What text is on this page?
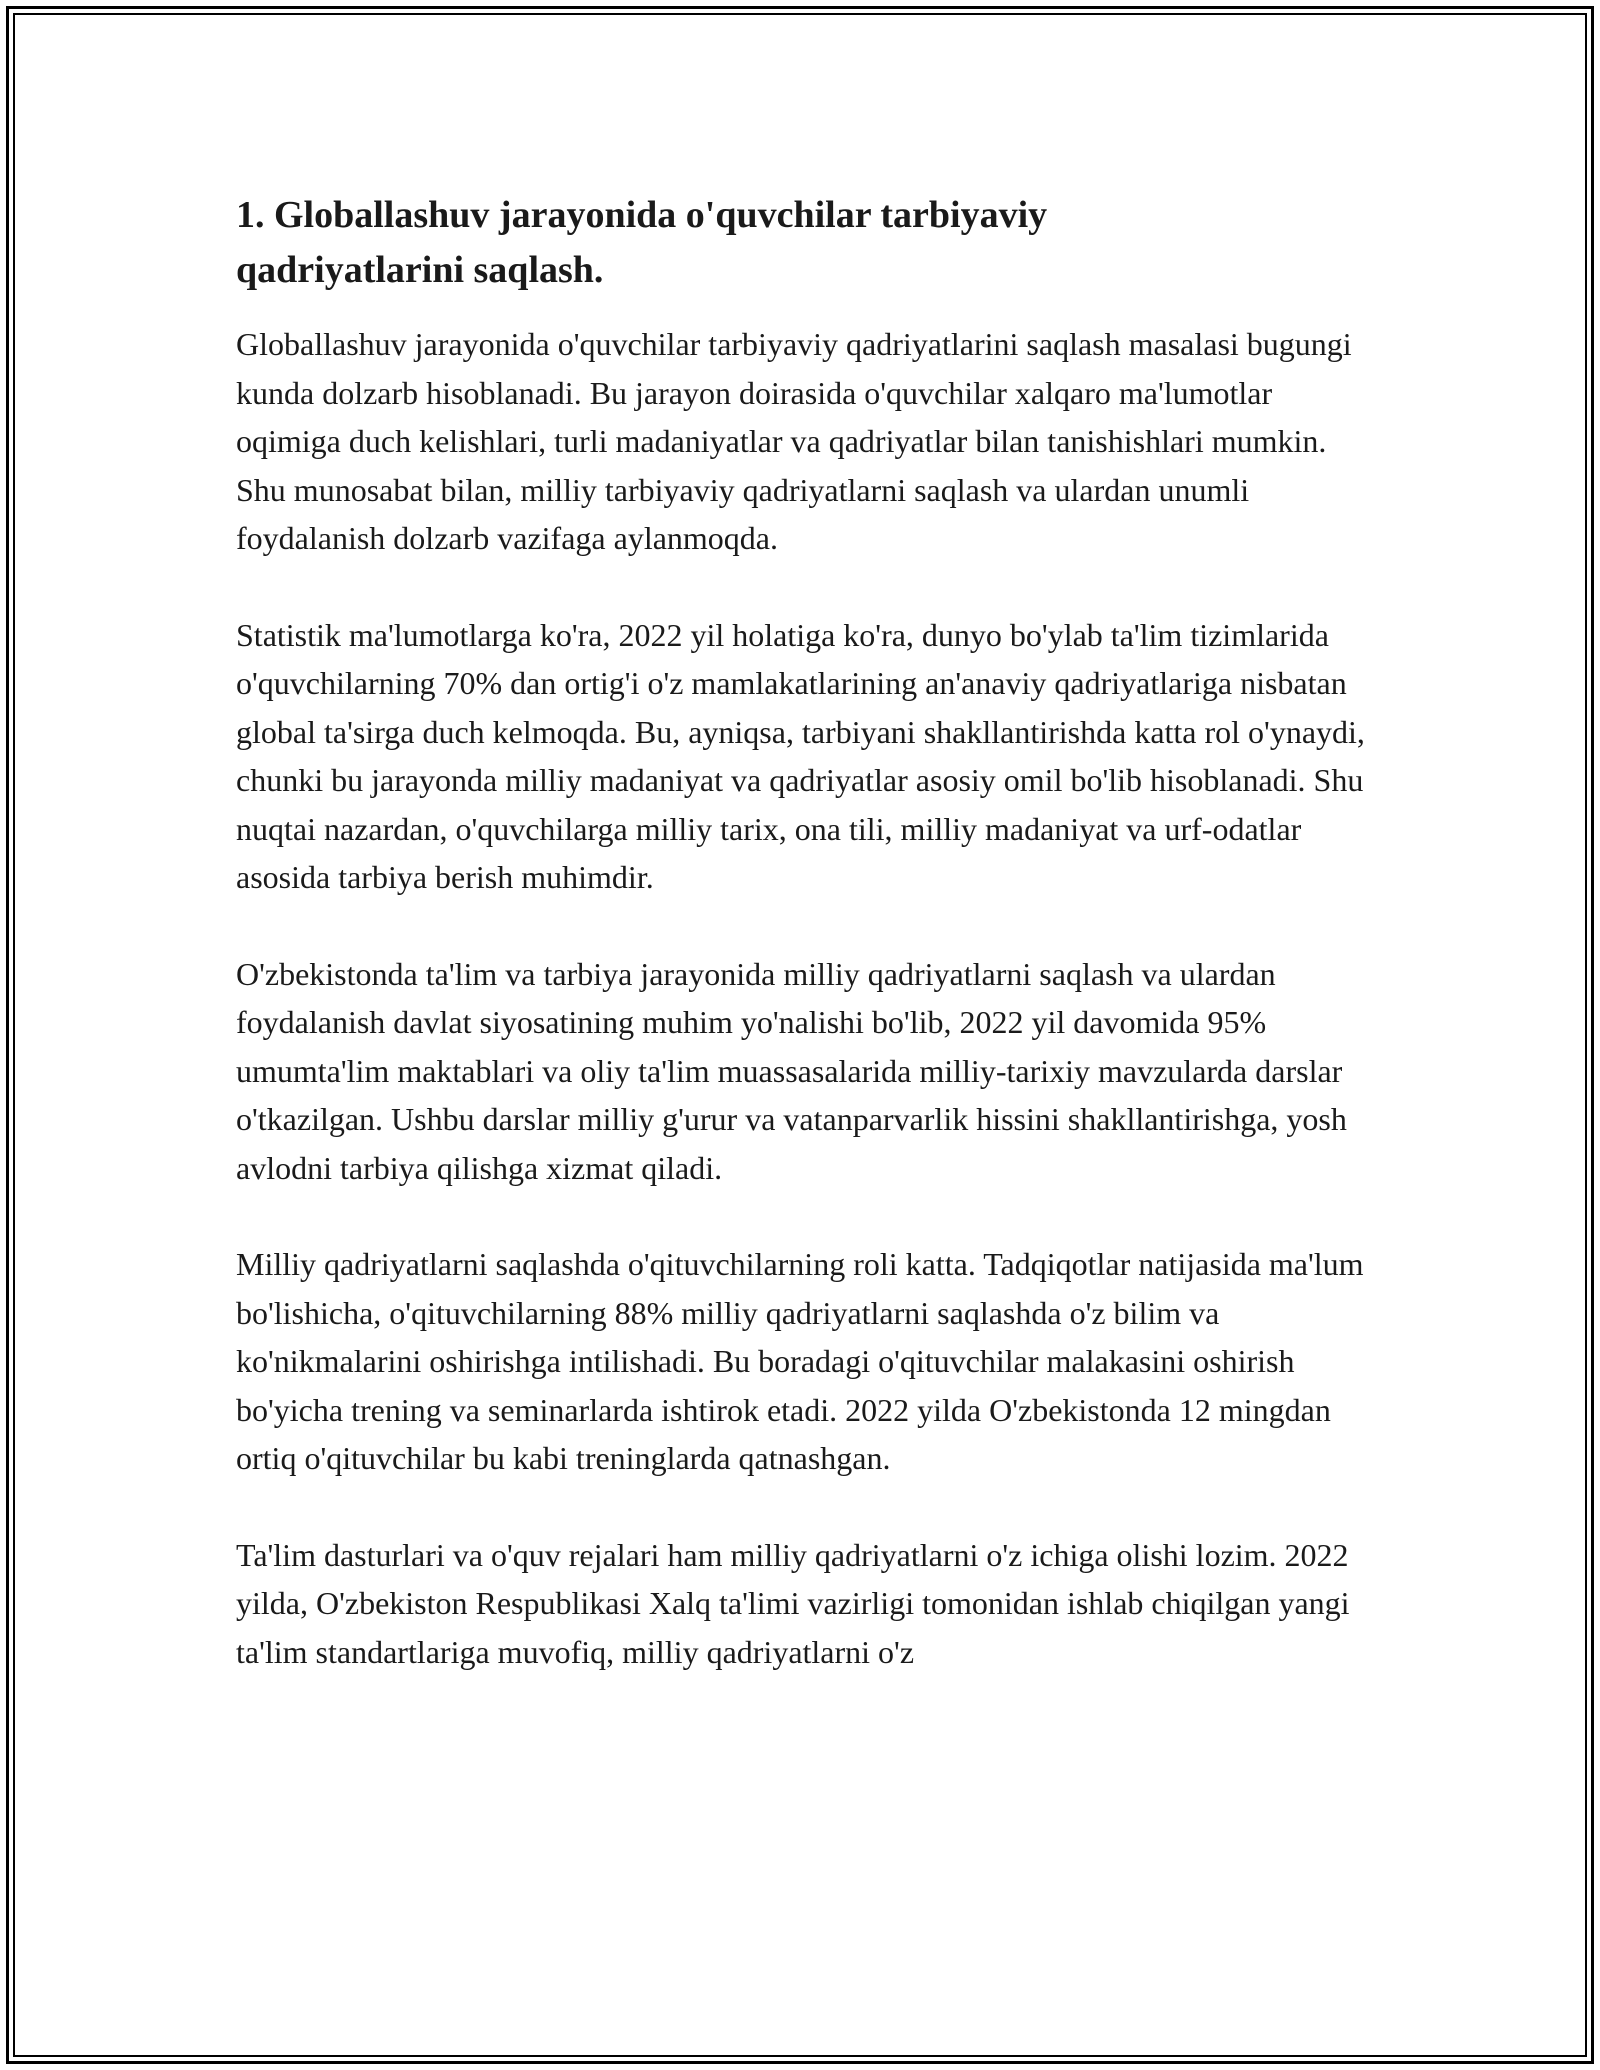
1. Globallashuv jarayonida o'quvchilar tarbiyaviy qadriyatlarini saqlash.

Globallashuv jarayonida o'quvchilar tarbiyaviy qadriyatlarini saqlash masalasi bugungi kunda dolzarb hisoblanadi. Bu jarayon doirasida o'quvchilar xalqaro ma'lumotlar oqimiga duch kelishlari, turli madaniyatlar va qadriyatlar bilan tanishishlari mumkin. Shu munosabat bilan, milliy tarbiyaviy qadriyatlarni saqlash va ulardan unumli foydalanish dolzarb vazifaga aylanmoqda.

Statistik ma'lumotlarga ko'ra, 2022 yil holatiga ko'ra, dunyo bo'ylab ta'lim tizimlarida o'quvchilarning 70% dan ortig'i o'z mamlakatlarining an'anaviy qadriyatlariga nisbatan global ta'sirga duch kelmoqda. Bu, ayniqsa, tarbiyani shakllantirishda katta rol o'ynaydi, chunki bu jarayonda milliy madaniyat va qadriyatlar asosiy omil bo'lib hisoblanadi. Shu nuqtai nazardan, o'quvchilarga milliy tarix, ona tili, milliy madaniyat va urf-odatlar asosida tarbiya berish muhimdir.

O'zbekistonda ta'lim va tarbiya jarayonida milliy qadriyatlarni saqlash va ulardan foydalanish davlat siyosatining muhim yo'nalishi bo'lib, 2022 yil davomida 95% umumta'lim maktablari va oliy ta'lim muassasalarida milliy-tarixiy mavzularda darslar o'tkazilgan. Ushbu darslar milliy g'urur va vatanparvarlik hissini shakllantirishga, yosh avlodni tarbiya qilishga xizmat qiladi.

Milliy qadriyatlarni saqlashda o'qituvchilarning roli katta. Tadqiqotlar natijasida ma'lum bo'lishicha, o'qituvchilarning 88% milliy qadriyatlarni saqlashda o'z bilim va ko'nikmalarini oshirishga intilishadi. Bu boradagi o'qituvchilar malakasini oshirish bo'yicha trening va seminarlarda ishtirok etadi. 2022 yilda O'zbekistonda 12 mingdan ortiq o'qituvchilar bu kabi treninglarda qatnashgan.

Ta'lim dasturlari va o'quv rejalari ham milliy qadriyatlarni o'z ichiga olishi lozim. 2022 yilda, O'zbekiston Respublikasi Xalq ta'limi vazirligi tomonidan ishlab chiqilgan yangi ta'lim standartlariga muvofiq, milliy qadriyatlarni o'z
